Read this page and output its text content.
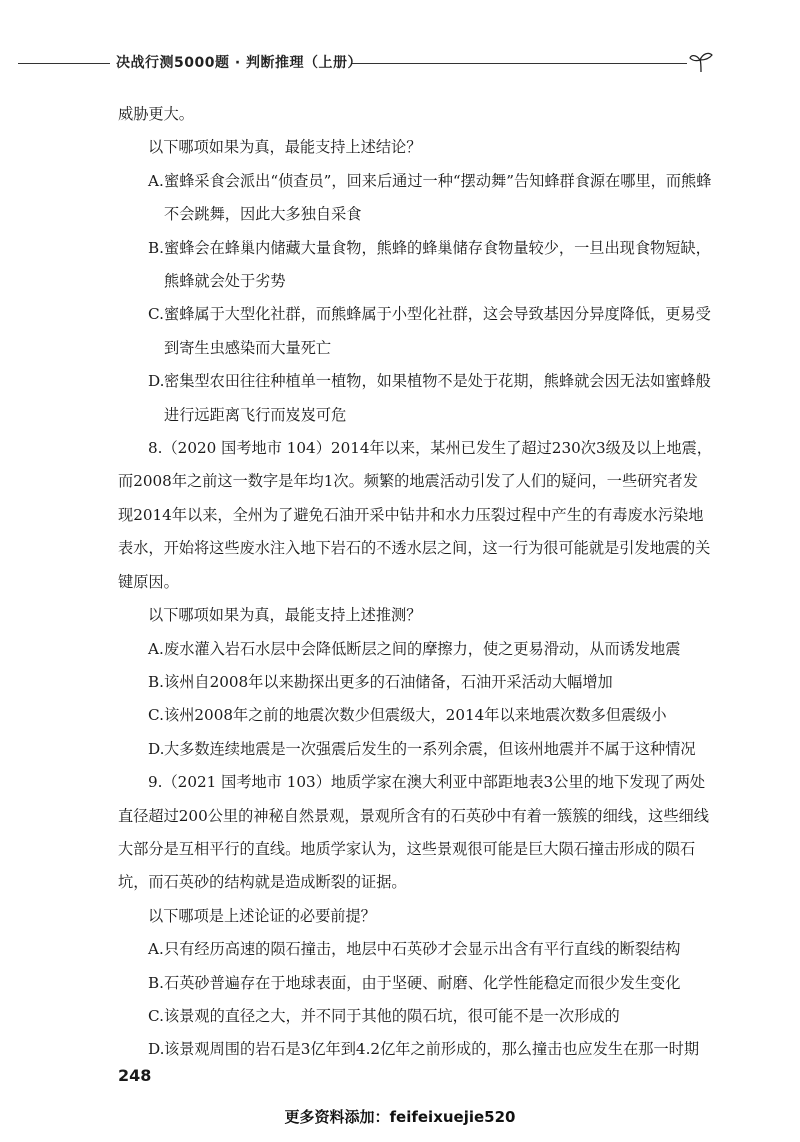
决战行测5000题 · 判断推理（上册）

威胁更大。

以下哪项如果为真，最能支持上述结论？

A. 蜜蜂采食会派出“侦查员”，回来后通过一种“摆动舞”告知蜂群食源在哪里，而熊蜂不会跳舞，因此大多独自采食
B. 蜜蜂会在蜂巢内储藏大量食物，熊蜂的蜂巢储存食物量较少，一旦出现食物短缺，熊蜂就会处于劣势
C. 蜜蜂属于大型化社群，而熊蜂属于小型化社群，这会导致基因分异度降低，更易受到寄生虫感染而大量死亡
D. 密集型农田往往种植单一植物，如果植物不是处于花期，熊蜂就会因无法如蜜蜂般进行远距离飞行而岌岌可危

8.（2020 国考地市 104）2014年以来，某州已发生了超过230次3级及以上地震，而2008年之前这一数字是年均1次。频繁的地震活动引发了人们的疑问，一些研究者发现2014年以来，全州为了避免石油开采中钻井和水力压裂过程中产生的有毒废水污染地表水，开始将这些废水注入地下岩石的不透水层之间，这一行为很可能就是引发地震的关键原因。

以下哪项如果为真，最能支持上述推测？

A. 废水灌入岩石水层中会降低断层之间的摩擦力，使之更易滑动，从而诱发地震
B. 该州自2008年以来勘探出更多的石油储备，石油开采活动大幅增加
C. 该州2008年之前的地震次数少但震级大，2014年以来地震次数多但震级小
D. 大多数连续地震是一次强震后发生的一系列余震，但该州地震并不属于这种情况

9.（2021 国考地市 103）地质学家在澳大利亚中部距地表3公里的地下发现了两处直径超过200公里的神秘自然景观，景观所含有的石英砂中有着一簇簇的细线，这些细线大部分是互相平行的直线。地质学家认为，这些景观很可能是巨大陨石撞击形成的陨石坑，而石英砂的结构就是造成断裂的证据。

以下哪项是上述论证的必要前提？

A. 只有经历高速的陨石撞击，地层中石英砂才会显示出含有平行直线的断裂结构
B. 石英砂普遍存在于地球表面，由于坚硬、耐磨、化学性能稳定而很少发生变化
C. 该景观的直径之大，并不同于其他的陨石坑，很可能不是一次形成的
D. 该景观周围的岩石是3亿年到4.2亿年之前形成的，那么撞击也应发生在那一时期
248
更多资料添加：feifeixuejie520
